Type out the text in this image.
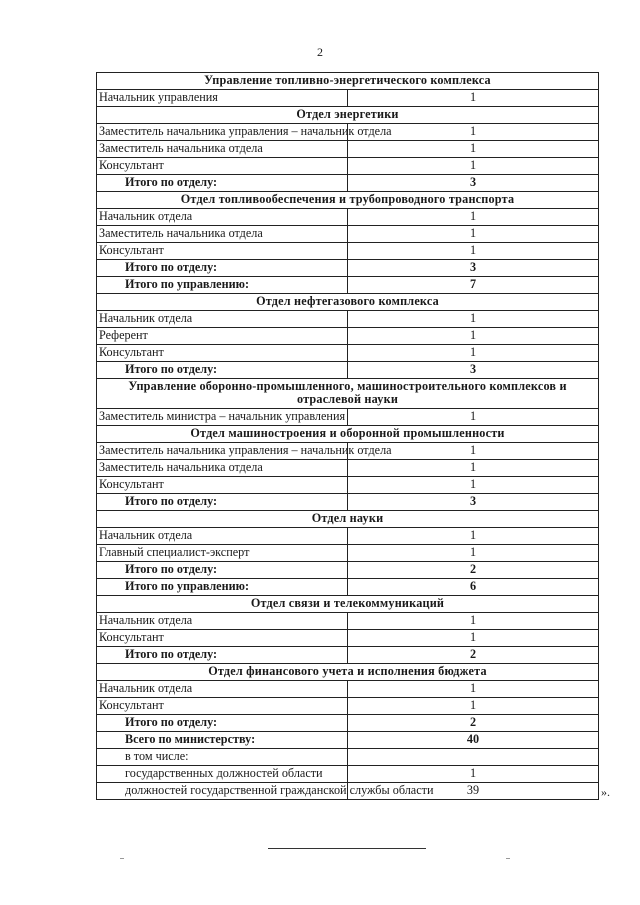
2
Управление топливно-энергетического комплекса	
Начальник управления	1
Отдел энергетики	
Заместитель начальника управления – начальник отдела	1
Заместитель начальника отдела	1
Консультант	1
Итого по отделу:	3
Отдел топливообеспечения и трубопроводного транспорта	
Начальник отдела	1
Заместитель начальника отдела	1
Консультант	1
Итого по отделу:	3
Итого по управлению:	7
Отдел нефтегазового комплекса	
Начальник отдела	1
Референт	1
Консультант	1
Итого по отделу:	3
Управление оборонно-промышленного, машиностроительного комплексов и отраслевой науки	
Заместитель министра – начальник управления	1
Отдел машиностроения и оборонной промышленности	
Заместитель начальника управления – начальник отдела	1
Заместитель начальника отдела	1
Консультант	1
Итого по отделу:	3
Отдел науки	
Начальник отдела	1
Главный специалист-эксперт	1
Итого по отделу:	2
Итого по управлению:	6
Отдел связи и телекоммуникаций	
Начальник отдела	1
Консультант	1
Итого по отделу:	2
Отдел финансового учета и исполнения бюджета	
Начальник отдела	1
Консультант	1
Итого по отделу:	2
Всего по министерству:	40
в том числе:	
государственных должностей области	1
должностей государственной гражданской службы области	39	».
